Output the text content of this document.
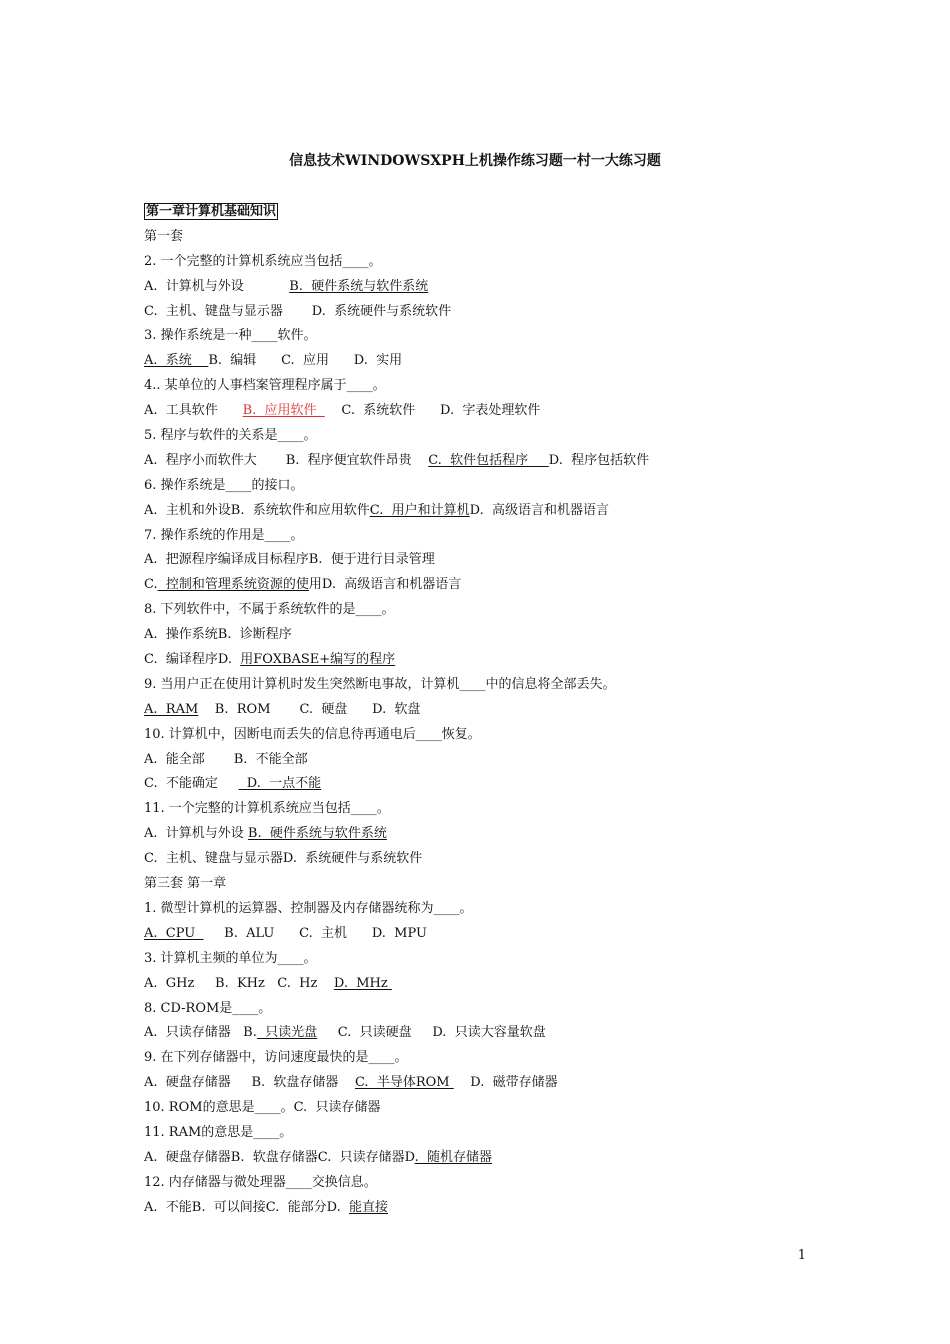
信息技术WINDOWSXPH上机操作练习题一村一大练习题
第一章计算机基础知识
第一套
2. 一个完整的计算机系统应当包括____。
A.  计算机与外设           B.  硬件系统与软件系统
C.  主机、键盘与显示器       D.  系统硬件与系统软件
3. 操作系统是一种____软件。
A.  系统    B.  编辑      C.  应用      D.  实用
4.. 某单位的人事档案管理程序属于____。
A.  工具软件      B.  应用软件      C.  系统软件      D.  字表处理软件
5. 程序与软件的关系是____。
A.  程序小而软件大       B.  程序便宜软件昂贵    C.  软件包括程序     D.  程序包括软件
6. 操作系统是____的接口。
A.  主机和外设B.  系统软件和应用软件C.  用户和计算机D.  高级语言和机器语言
7. 操作系统的作用是____。
A.  把源程序编译成目标程序B.  便于进行目录管理
C.  控制和管理系统资源的使用D.  高级语言和机器语言
8. 下列软件中，不属于系统软件的是____。
A.  操作系统B.  诊断程序
C.  编译程序D.  用FOXBASE+编写的程序
9. 当用户正在使用计算机时发生突然断电事故，计算机____中的信息将全部丢失。
A.  RAM    B.  ROM       C.  硬盘      D.  软盘
10. 计算机中，因断电而丢失的信息待再通电后____恢复。
A.  能全部       B.  不能全部
C.  不能确定       D.  一点不能
11. 一个完整的计算机系统应当包括____。
A.  计算机与外设 B.  硬件系统与软件系统
C.  主机、键盘与显示器D.  系统硬件与系统软件
第三套 第一章
1. 微型计算机的运算器、控制器及内存储器统称为____。
A.  CPU       B.  ALU      C.  主机      D.  MPU
3. 计算机主频的单位为____。
A.  GHz     B.  KHz   C.  Hz    D.  MHz
8. CD-ROM是____。
A.  只读存储器   B.  只读光盘     C.  只读硬盘     D.  只读大容量软盘
9. 在下列存储器中，访问速度最快的是____。
A.  硬盘存储器     B.  软盘存储器    C.  半导体ROM     D.  磁带存储器
10. ROM的意思是____。C.  只读存储器
11. RAM的意思是____。
A.  硬盘存储器B.  软盘存储器C.  只读存储器D.  随机存储器
12. 内存储器与微处理器____交换信息。
A.  不能B.  可以间接C.  能部分D.  能直接
1
